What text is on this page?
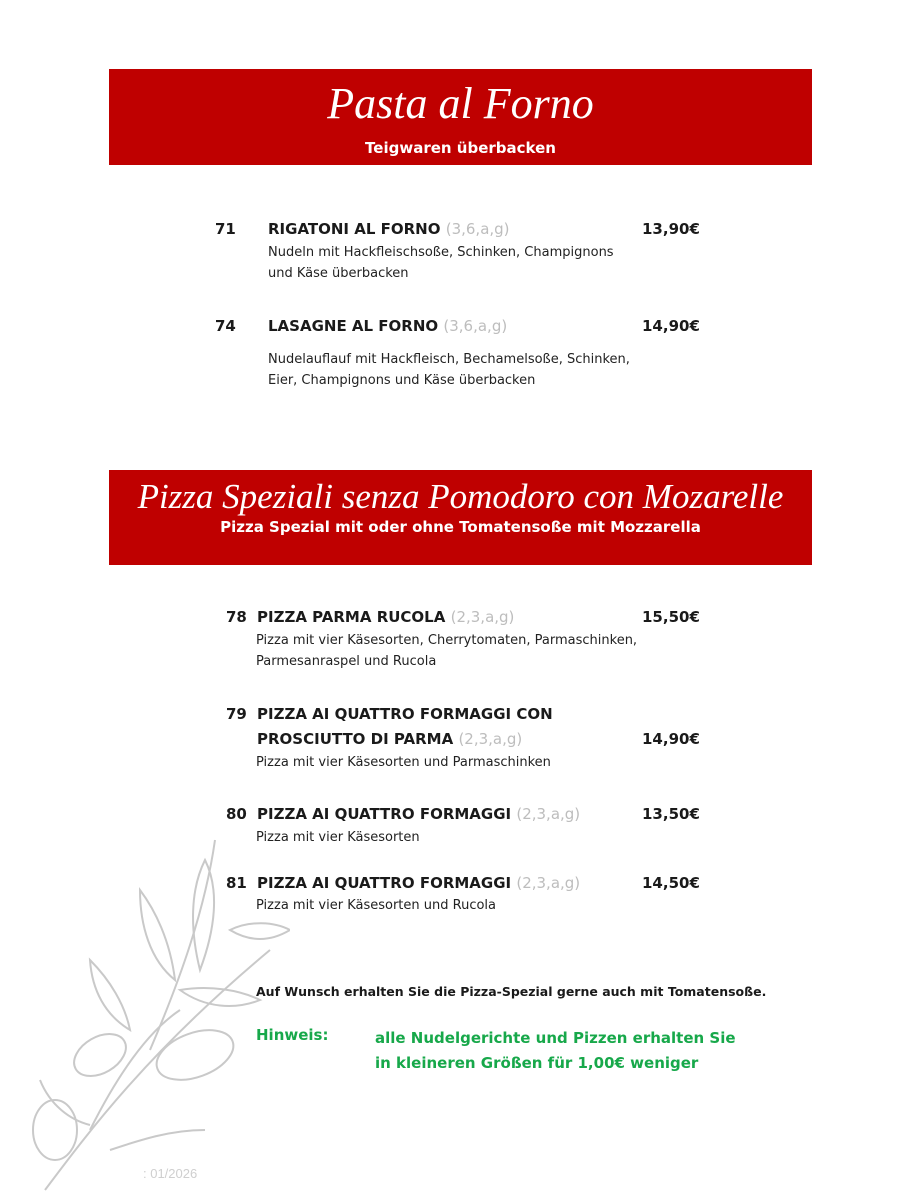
Pasta al Forno
Teigwaren überbacken
71 RIGATONI AL FORNO (3,6,a,g)	13,90€
Nudeln mit Hackfleischsoße, Schinken, Champignons
und Käse überbacken
74 LASAGNE AL FORNO (3,6,a,g)	14,90€
Nudelauflauf mit Hackfleisch, Bechamelsoße, Schinken,
Eier, Champignons und Käse überbacken
Pizza Speziali senza Pomodoro con Mozarelle
Pizza Spezial mit oder ohne Tomatensoße mit Mozzarella
78 PIZZA PARMA RUCOLA (2,3,a,g)	15,50€
Pizza mit vier Käsesorten, Cherrytomaten, Parmaschinken,
Parmesanraspel und Rucola
79 PIZZA AI QUATTRO FORMAGGI CON
PROSCIUTTO DI PARMA (2,3,a,g)	14,90€
Pizza mit vier Käsesorten und Parmaschinken
80 PIZZA AI QUATTRO FORMAGGI (2,3,a,g)	13,50€
Pizza mit vier Käsesorten
81 PIZZA AI QUATTRO FORMAGGI (2,3,a,g)	14,50€
Pizza mit vier Käsesorten und Rucola
Auf Wunsch erhalten Sie die Pizza-Spezial gerne auch mit Tomatensoße.
Hinweis:	alle Nudelgerichte und Pizzen erhalten Sie
in kleineren Größen für 1,00€ weniger
: 01/2026
